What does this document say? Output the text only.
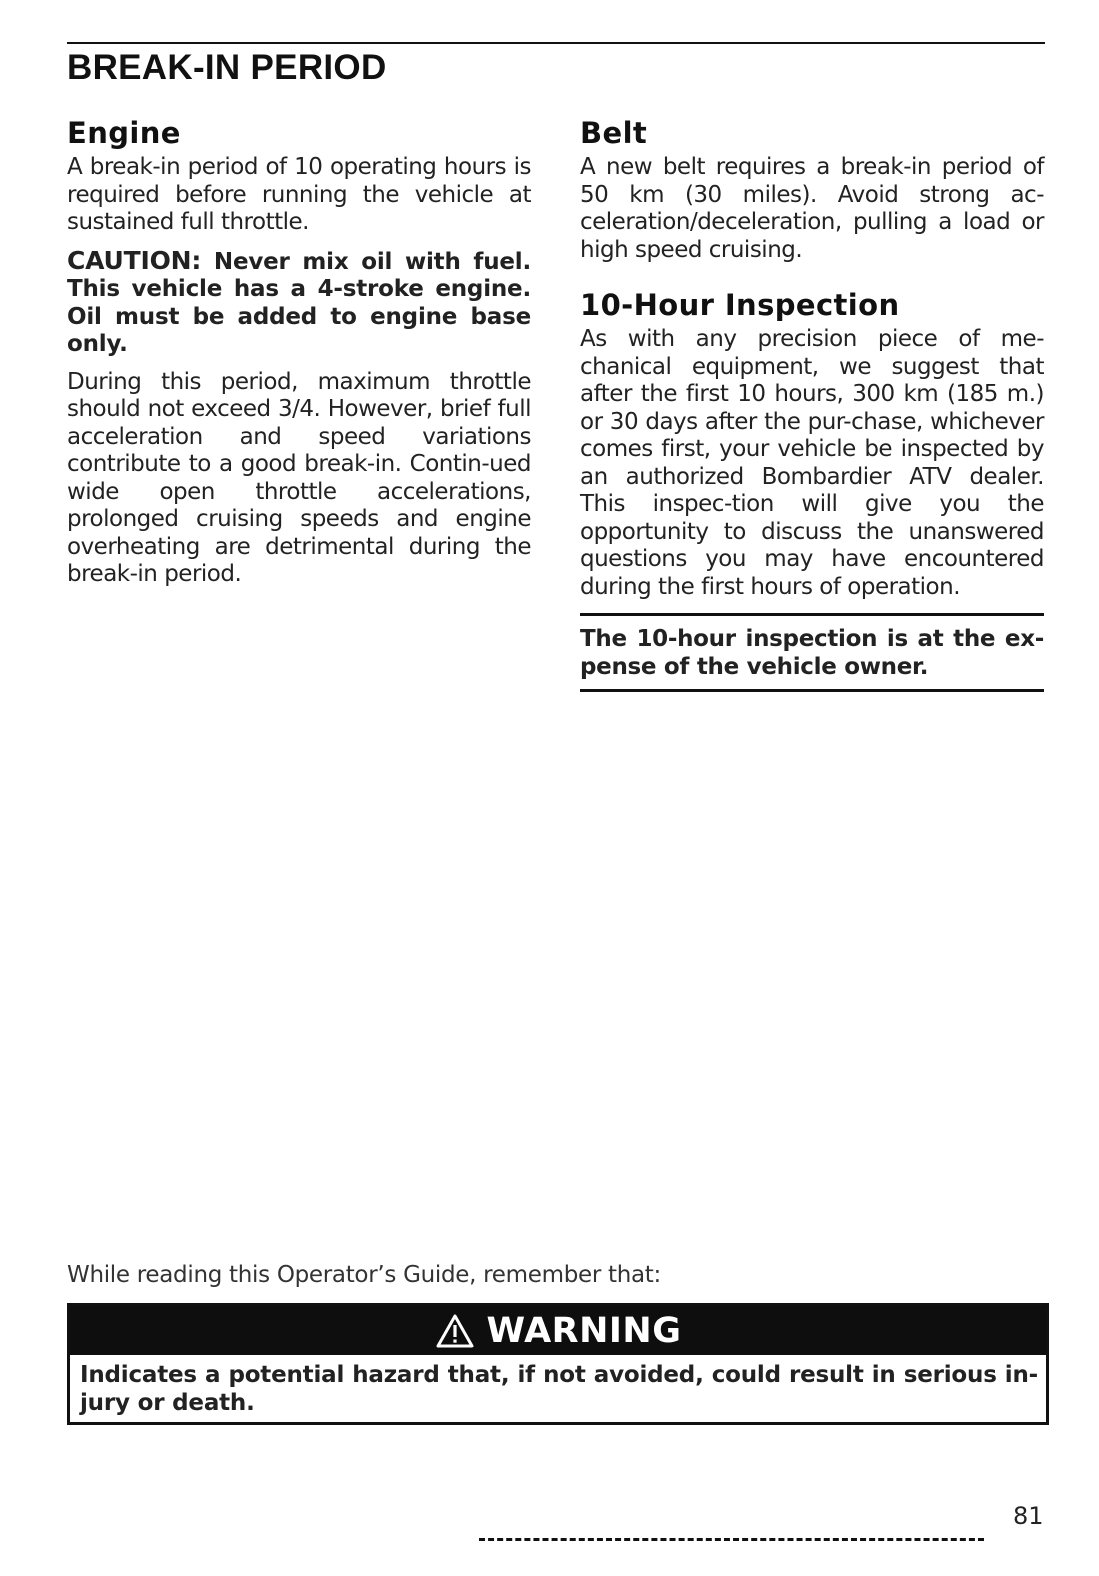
BREAK-IN PERIOD
Engine

A break-in period of 10 operating hours is required before running the vehicle at sustained full throttle.

CAUTION: Never mix oil with fuel. This vehicle has a 4-stroke engine. Oil must be added to engine base only.

During this period, maximum throttle should not exceed 3/4. However, brief full acceleration and speed variations contribute to a good break-in. Contin-ued wide open throttle accelerations, prolonged cruising speeds and engine overheating are detrimental during the break-in period.

Belt

A new belt requires a break-in period of 50 km (30 miles). Avoid strong ac-celeration/deceleration, pulling a load or high speed cruising.

10-Hour Inspection

As with any precision piece of me-chanical equipment, we suggest that after the first 10 hours, 300 km (185 m.) or 30 days after the pur-chase, whichever comes first, your vehicle be inspected by an authorized Bombardier ATV dealer. This inspec-tion will give you the opportunity to discuss the unanswered questions you may have encountered during the first hours of operation.

The 10-hour inspection is at the ex-pense of the vehicle owner.

While reading this Operator’s Guide, remember that:

WARNING

Indicates a potential hazard that, if not avoided, could result in serious in-jury or death.

81
